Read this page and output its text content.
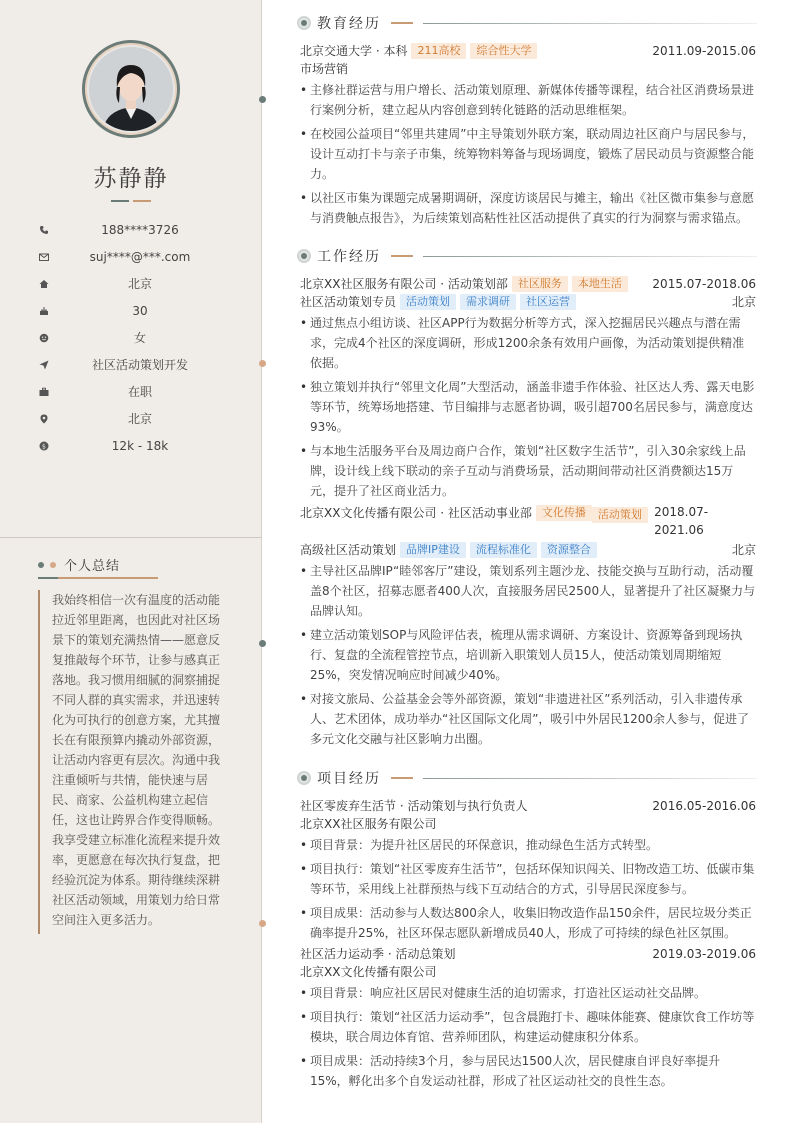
苏静静
188****3726
suj****@***.com
北京
30
女
社区活动策划开发
在职
北京
$	12k - 18k
个人总结
我始终相信一次有温度的活动能拉近邻里距离，也因此对社区场景下的策划充满热情——愿意反复推敲每个环节，让参与感真正落地。我习惯用细腻的洞察捕捉不同人群的真实需求，并迅速转化为可执行的创意方案，尤其擅长在有限预算内撬动外部资源，让活动内容更有层次。沟通中我注重倾听与共情，能快速与居民、商家、公益机构建立起信任，这也让跨界合作变得顺畅。我享受建立标准化流程来提升效率，更愿意在每次执行复盘，把经验沉淀为体系。期待继续深耕社区活动领域，用策划力给日常空间注入更多活力。
教育经历
北京交通大学 · 本科 211高校	综合性大学	2011.09-2015.06
市场营销
• 主修社群运营与用户增长、活动策划原理、新媒体传播等课程，结合社区消费场景进行案例分析，建立起从内容创意到转化链路的活动思维框架。
• 在校园公益项目“邻里共建周”中主导策划外联方案，联动周边社区商户与居民参与，设计互动打卡与亲子市集，统筹物料筹备与现场调度，锻炼了居民动员与资源整合能力。
• 以社区市集为课题完成暑期调研，深度访谈居民与摊主，输出《社区微市集参与意愿与消费触点报告》，为后续策划高粘性社区活动提供了真实的行为洞察与需求锚点。
工作经历
北京XX社区服务有限公司 · 活动策划部 社区服务	本地生活	2015.07-2018.06
社区活动策划专员 活动策划	需求调研	社区运营	北京
• 通过焦点小组访谈、社区APP行为数据分析等方式，深入挖掘居民兴趣点与潜在需求，完成4个社区的深度调研，形成1200余条有效用户画像，为活动策划提供精准依据。
• 独立策划并执行“邻里文化周”大型活动，涵盖非遗手作体验、社区达人秀、露天电影等环节，统筹场地搭建、节目编排与志愿者协调，吸引超700名居民参与，满意度达93%。
• 与本地生活服务平台及周边商户合作，策划“社区数字生活节”，引入30余家线上品牌，设计线上线下联动的亲子互动与消费场景，活动期间带动社区消费额达15万元，提升了社区商业活力。
北京XX文化传播有限公司 · 社区活动事业部 文化传播	活动策划	2018.07-2021.06
高级社区活动策划 品牌IP建设	流程标准化	资源整合	北京
• 主导社区品牌IP“睦邻客厅”建设，策划系列主题沙龙、技能交换与互助行动，活动覆盖8个社区，招募志愿者400人次，直接服务居民2500人，显著提升了社区凝聚力与品牌认知。
• 建立活动策划SOP与风险评估表，梳理从需求调研、方案设计、资源筹备到现场执行、复盘的全流程管控节点，培训新入职策划人员15人，使活动策划周期缩短25%，突发情况响应时间减少40%。
• 对接文旅局、公益基金会等外部资源，策划“非遗进社区”系列活动，引入非遗传承人、艺术团体，成功举办“社区国际文化周”，吸引中外居民1200余人参与，促进了多元文化交融与社区影响力出圈。
项目经历
社区零废弃生活节 · 活动策划与执行负责人	2016.05-2016.06
北京XX社区服务有限公司
• 项目背景：为提升社区居民的环保意识，推动绿色生活方式转型。
• 项目执行：策划“社区零废弃生活节”，包括环保知识闯关、旧物改造工坊、低碳市集等环节，采用线上社群预热与线下互动结合的方式，引导居民深度参与。
• 项目成果：活动参与人数达800余人，收集旧物改造作品150余件，居民垃圾分类正确率提升25%，社区环保志愿队新增成员40人，形成了可持续的绿色社区氛围。
社区活力运动季 · 活动总策划	2019.03-2019.06
北京XX文化传播有限公司
• 项目背景：响应社区居民对健康生活的迫切需求，打造社区运动社交品牌。
• 项目执行：策划“社区活力运动季”，包含晨跑打卡、趣味体能赛、健康饮食工作坊等模块，联合周边体育馆、营养师团队，构建运动健康积分体系。
• 项目成果：活动持续3个月，参与居民达1500人次，居民健康自评良好率提升15%，孵化出多个自发运动社群，形成了社区运动社交的良性生态。
